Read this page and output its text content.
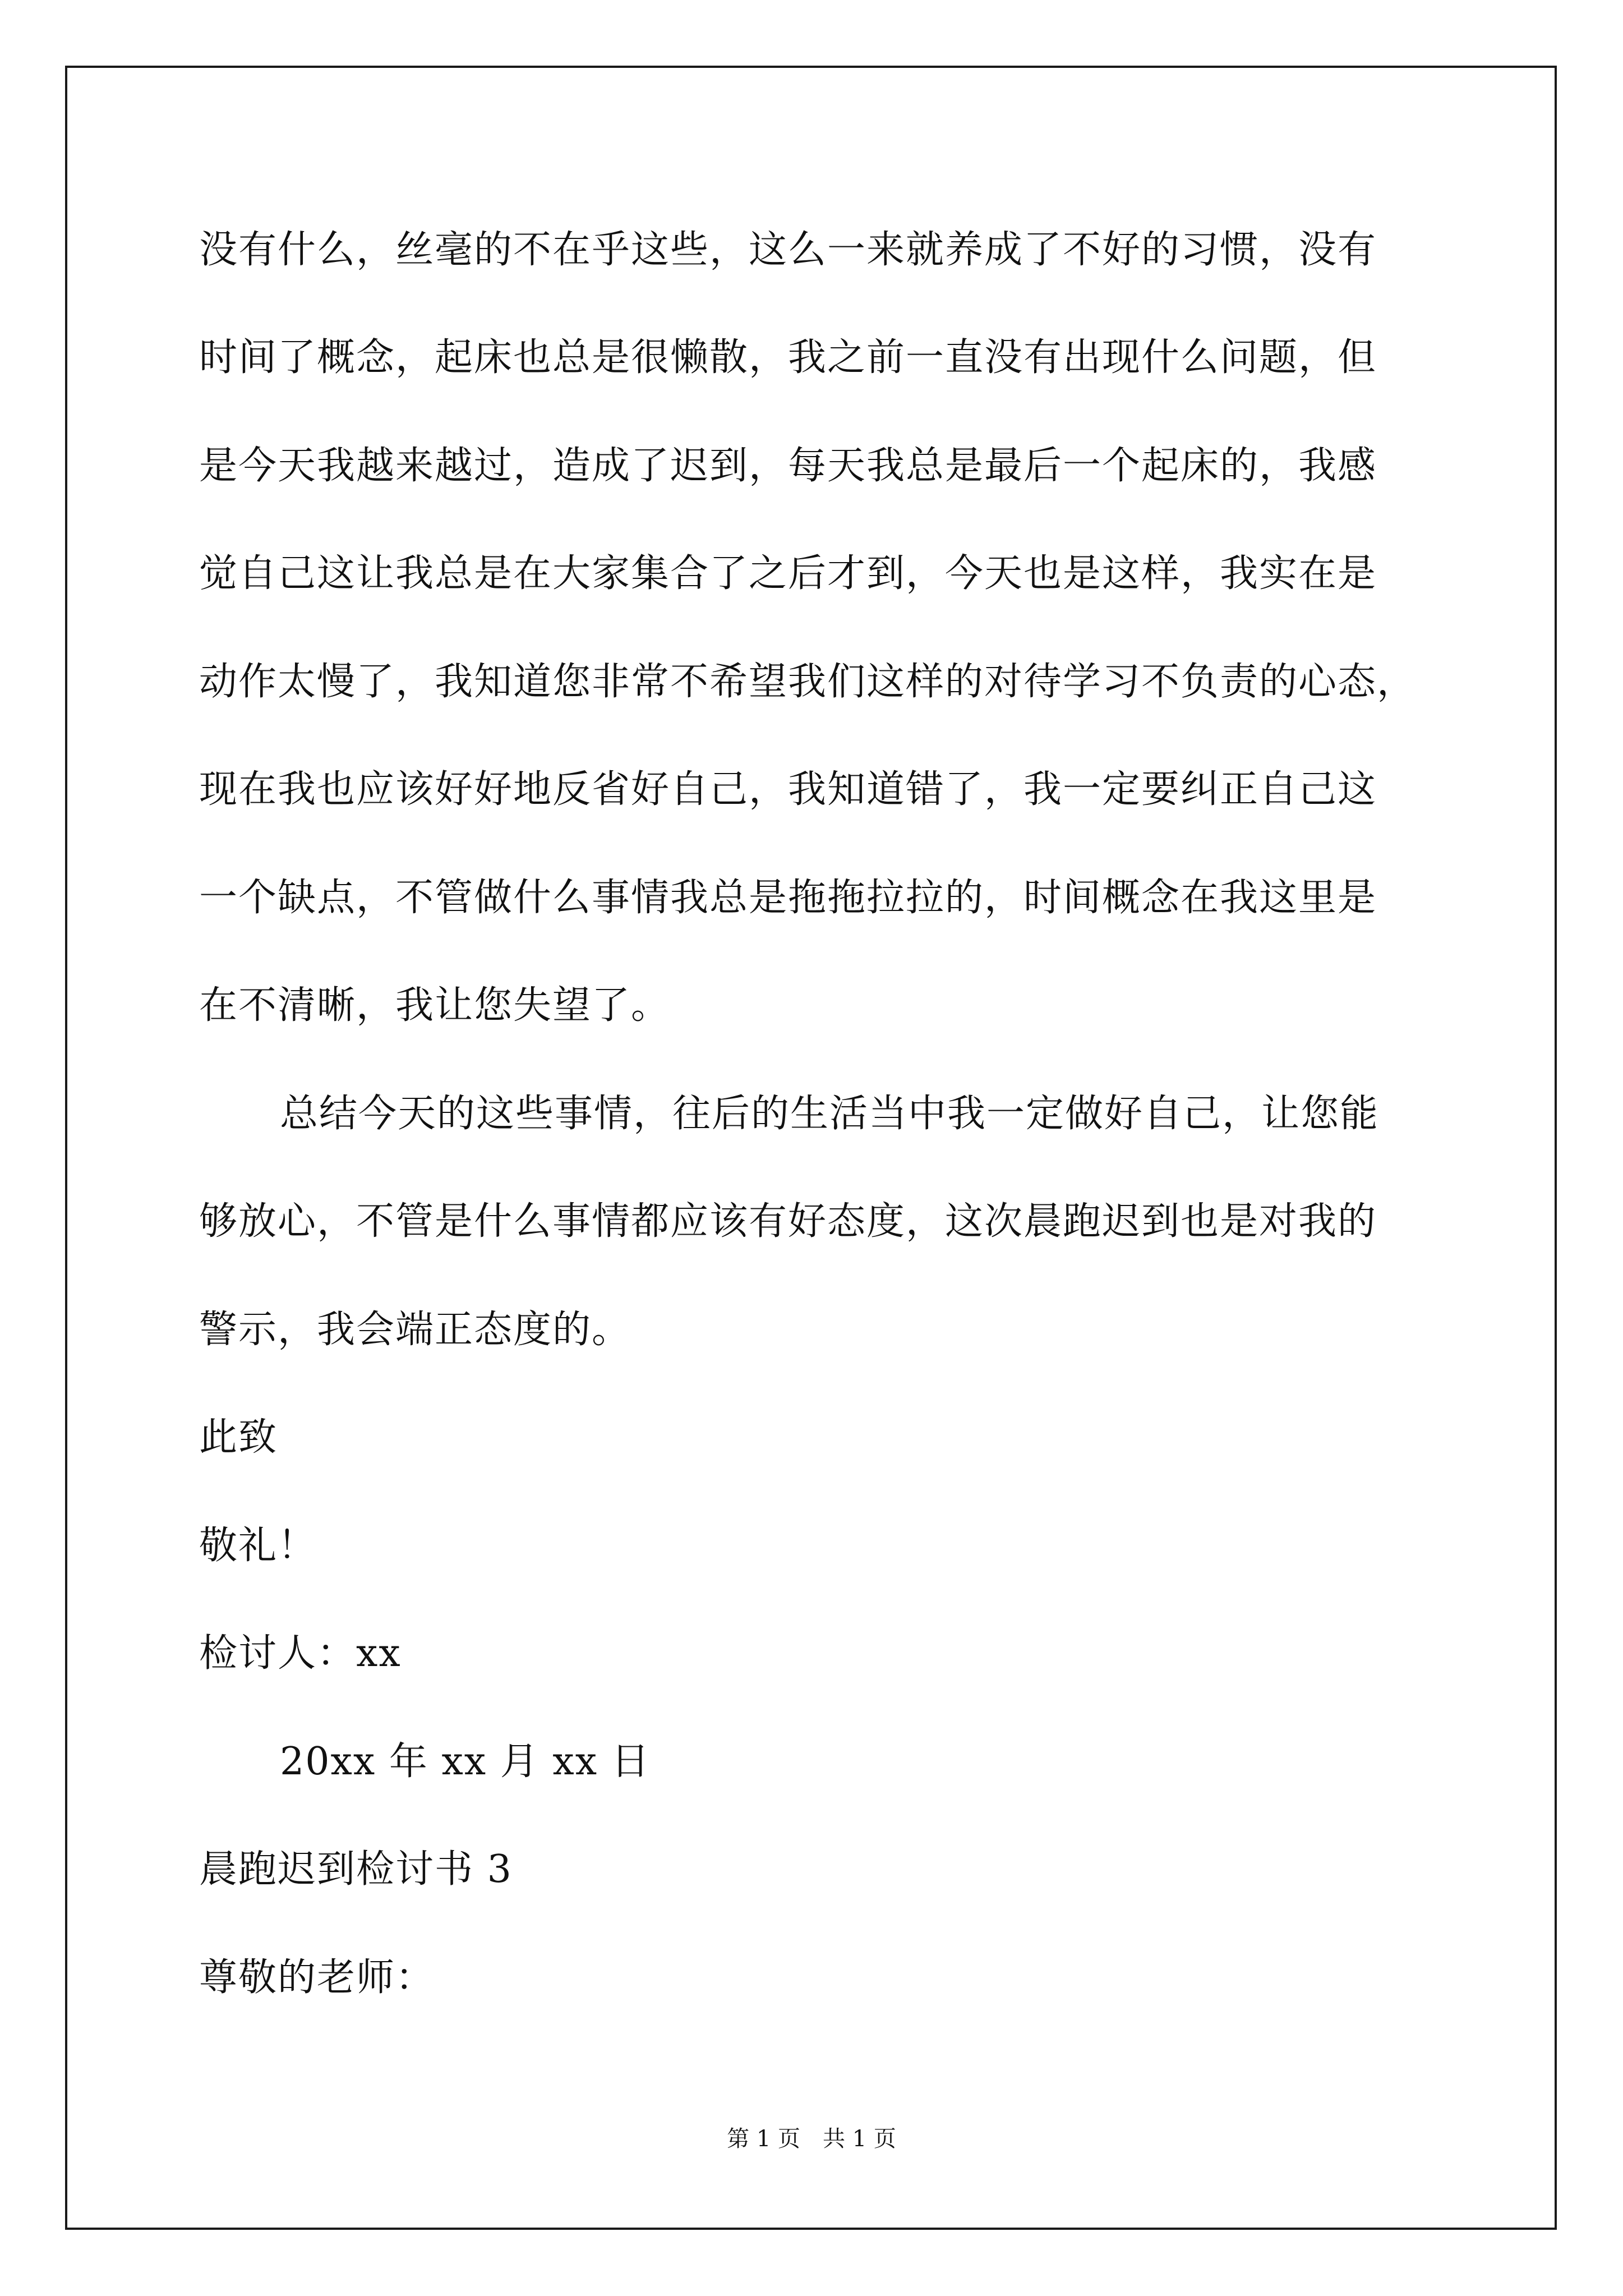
没有什么，丝毫的不在乎这些，这么一来就养成了不好的习惯，没有
时间了概念，起床也总是很懒散，我之前一直没有出现什么问题，但
是今天我越来越过，造成了迟到，每天我总是最后一个起床的，我感
觉自己这让我总是在大家集合了之后才到，今天也是这样，我实在是
动作太慢了，我知道您非常不希望我们这样的对待学习不负责的心态，
现在我也应该好好地反省好自己，我知道错了，我一定要纠正自己这
一个缺点，不管做什么事情我总是拖拖拉拉的，时间概念在我这里是
在不清晰，我让您失望了。
总结今天的这些事情，往后的生活当中我一定做好自己，让您能
够放心，不管是什么事情都应该有好态度，这次晨跑迟到也是对我的
警示，我会端正态度的。
此致
敬礼！
检讨人：xx
20xx 年 xx 月 xx 日
晨跑迟到检讨书 3
尊敬的老师：
第 1 页　共 1 页
